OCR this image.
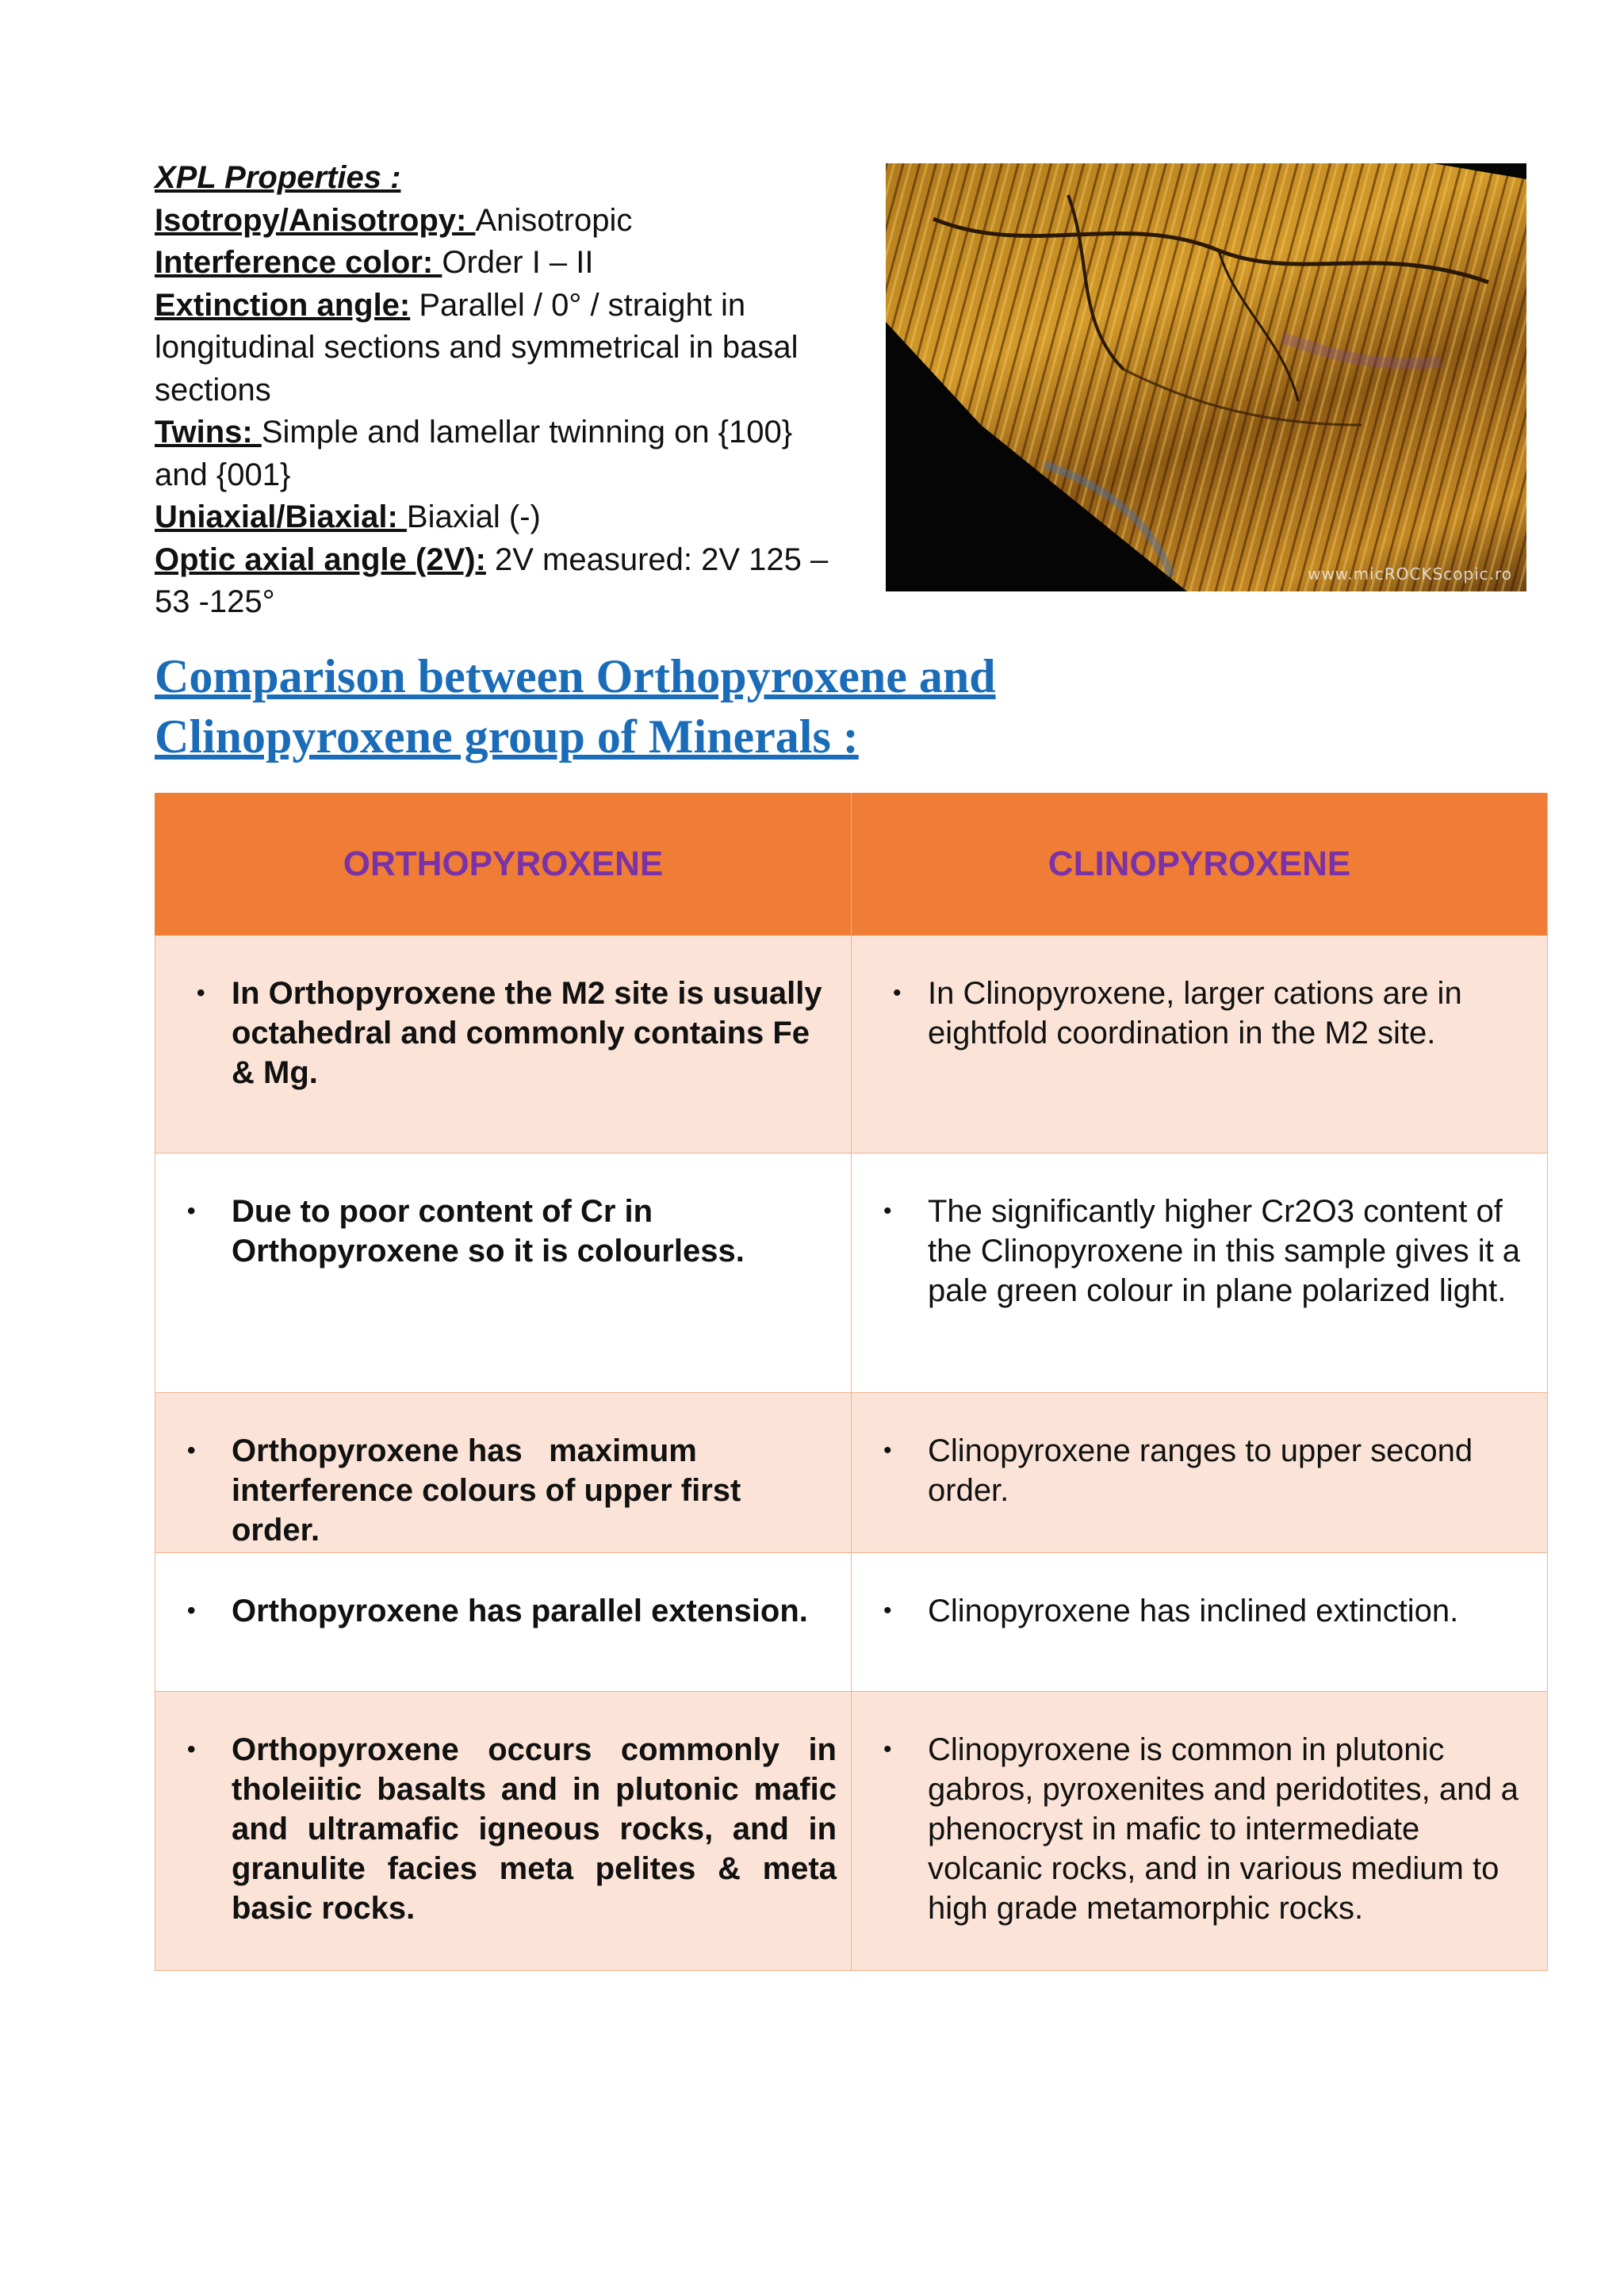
XPL Properties :

Isotropy/Anisotropy: Anisotropic

Interference color: Order I – II

Extinction angle: Parallel / 0° / straight in longitudinal sections and symmetrical in basal sections

Twins: Simple and lamellar twinning on {100} and {001}

Uniaxial/Biaxial: Biaxial (-)

Optic axial angle (2V): 2V measured: 2V 125 – 53 -125°

www.micROCKScopic.ro
Comparison between Orthopyroxene and Clinopyroxene group of Minerals :
ORTHOPYROXENE	CLINOPYROXENE

• In Orthopyroxene the M2 site is usually octahedral and commonly contains Fe & Mg.	• In Clinopyroxene, larger cations are in eightfold coordination in the M2 site.

• Due to poor content of Cr in Orthopyroxene so it is colourless.	• The significantly higher Cr2O3 content of the Clinopyroxene in this sample gives it a pale green colour in plane polarized light.

• Orthopyroxene has   maximum interference colours of upper first order.	• Clinopyroxene ranges to upper second order.

• Orthopyroxene has parallel extension.	• Clinopyroxene has inclined extinction.

• Orthopyroxene occurs commonly in tholeiitic basalts and in plutonic mafic and ultramafic igneous rocks, and in granulite facies meta pelites & meta basic rocks.	• Clinopyroxene is common in plutonic gabros, pyroxenites and peridotites, and a phenocryst in mafic to intermediate volcanic rocks, and in various medium to high grade metamorphic rocks.
